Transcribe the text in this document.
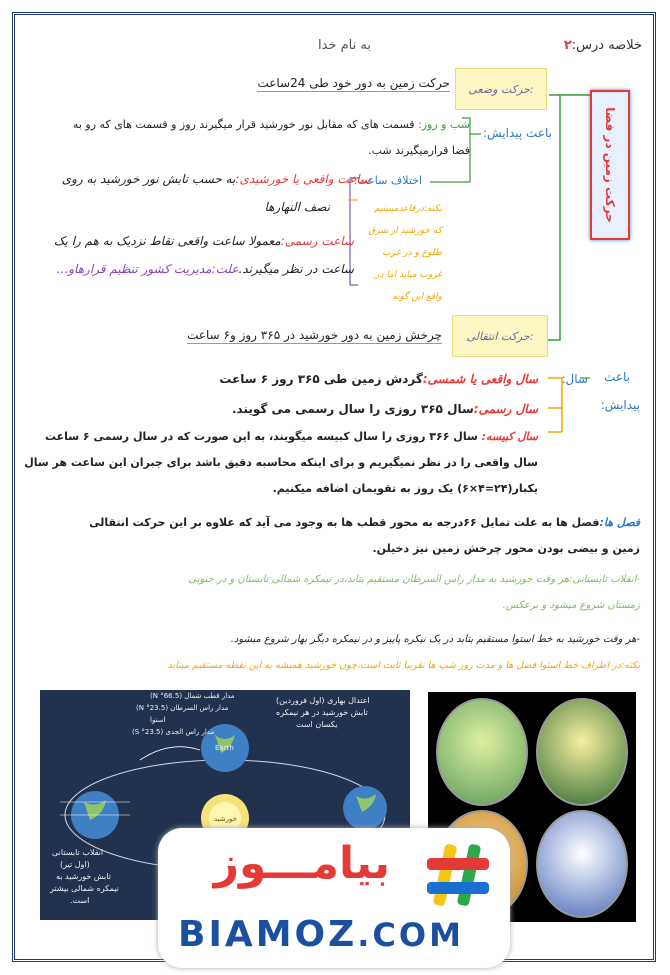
خلاصه درس:۲
به نام خدا
حرکت زمین در فضا
حرکت وضعی:
حرکت زمین به دور خود طی 24ساعت
باعث پیدایش:
شب و روز: قسمت های که مقابل نور خورشید قرار میگیرند روز و قسمت های که رو به
فضا قرارمیگیرند شب.
اختلاف ساعت:
ساعت واقعی یا خورشیدی:به حسب تابش نور خورشید به روی
نصف النهارها
ساعت رسمی:معمولا ساعت واقعی نقاط نزدیک به هم را یک
ساعت در نظر میگیرند.علت:مدیریت کشور تنظیم قرارهاو...
نکته:درقاعدمیبینیم
که خورشید از شرق
طلوع و در غرب
غروب میاید اما در
واقع این گونه
حرکت انتقالی:
چرخش زمین به دور خورشید در ۳۶۵ روز و۶ ساعت
باعث
پیدایش:
سال:
سال واقعی یا شمسی:گردش زمین طی ۳۶۵ روز ۶ ساعت
سال رسمی:سال ۳۶۵ روزی را سال رسمی می گویند.
سال کبیسه: سال ۳۶۶ روزی را سال کبیسه میگویند، به این صورت که در سال رسمی ۶ ساعت
سال واقعی را در نظر نمیگیریم و برای اینکه محاسبه دقیق باشد برای جبران این ساعت هر سال
یکبار(۲۴=۴×۶) یک روز به تقویمان اضافه میکنیم.
فصل ها:فصل ها به علت تمایل ۶۶درجه به محور قطب ها به وجود می آید که علاوه بر این حرکت انتقالی
زمین و بیضی بودن محور چرخش زمین نیز دخیلن.
-انقلاب تابستانی:هر وقت خورشید به مدار راس السرطان مستقیم بتابد،در نیمکره شمالی تابستان و در جنوبی
زمستان شروع میشود و برعکس.
-هر وقت خورشید به خط استوا مستقیم بتابد در یک نیکره پاییز و در نیمکره دیگر بهار شروع میشود.
نکته:در اطراف خط استوا فصل ها و مدت روز شب ها تقریبا ثابت است،چون خورشید همیشه به این نقطه مستقیم میتابد
مدار قطب شمال (66.5° N)
مدار راس السرطان (23.5° N)
استوا
مدار راس الجدی (23.5° S)
اعتدال بهاری (اول فروردین)
تابش خورشید در هر نیمکره
یکسان است
Earth
خورشید
انقلاب تابستانی
(اول تیر)
تابش خورشید به
نیمکره شمالی بیشتر
است.
بیامـــوز
BIAMOZ.COM
